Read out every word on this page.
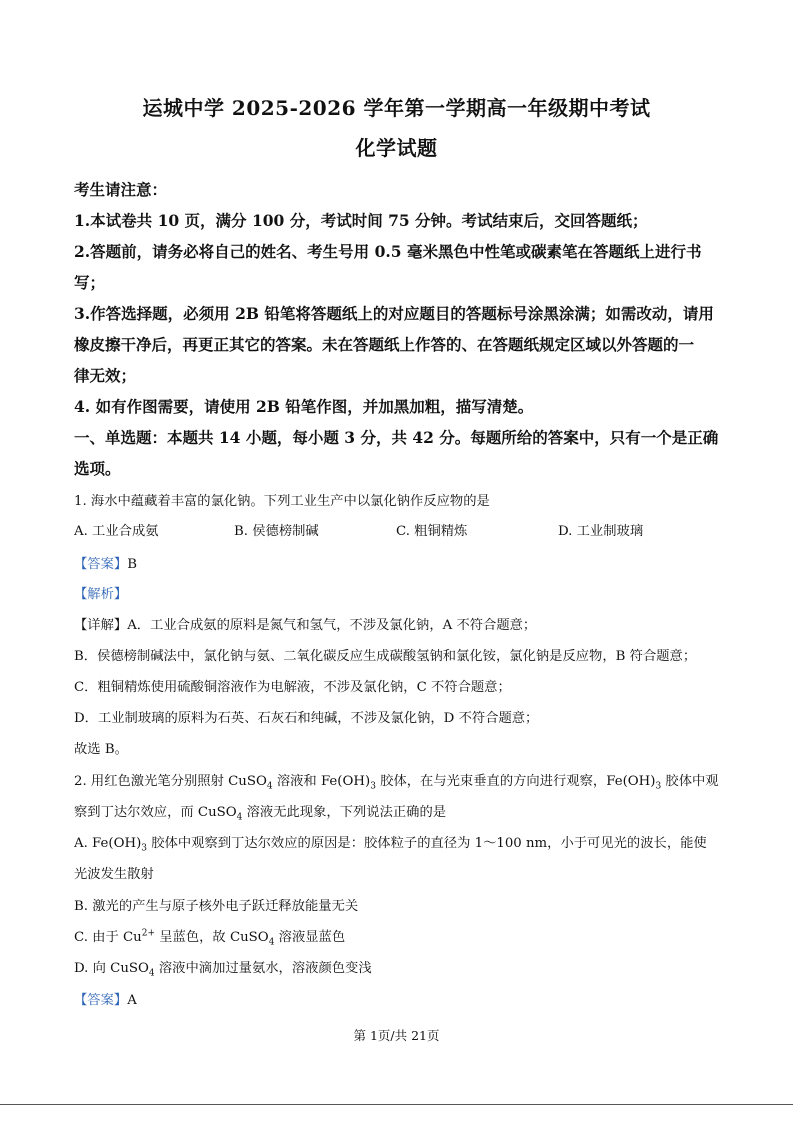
运城中学 2025-2026 学年第一学期高一年级期中考试
化学试题
考生请注意：
1.本试卷共 10 页，满分 100 分，考试时间 75 分钟。考试结束后，交回答题纸；
2.答题前，请务必将自己的姓名、考生号用 0.5 毫米黑色中性笔或碳素笔在答题纸上进行书
写；
3.作答选择题，必须用 2B 铅笔将答题纸上的对应题目的答题标号涂黑涂满；如需改动，请用
橡皮擦干净后，再更正其它的答案。未在答题纸上作答的、在答题纸规定区域以外答题的一
律无效；
4. 如有作图需要，请使用 2B 铅笔作图，并加黑加粗，描写清楚。
一、单选题：本题共 14 小题，每小题 3 分，共 42 分。每题所给的答案中，只有一个是正确
选项。
1. 海水中蕴藏着丰富的氯化钠。下列工业生产中以氯化钠作反应物的是
A. 工业合成氨	B. 侯德榜制碱	C. 粗铜精炼	D. 工业制玻璃
【答案】B
【解析】
【详解】A．工业合成氨的原料是氮气和氢气，不涉及氯化钠，A 不符合题意；
B．侯德榜制碱法中，氯化钠与氨、二氧化碳反应生成碳酸氢钠和氯化铵，氯化钠是反应物，B 符合题意；
C．粗铜精炼使用硫酸铜溶液作为电解液，不涉及氯化钠，C 不符合题意；
D．工业制玻璃的原料为石英、石灰石和纯碱，不涉及氯化钠，D 不符合题意；
故选 B。
2. 用红色激光笔分别照射 CuSO$_4$ 溶液和 $Fe(OH)_3$ 胶体，在与光束垂直的方向进行观察，$Fe(OH)_3$ 胶体中观
察到丁达尔效应，而 CuSO$_4$ 溶液无此现象，下列说法正确的是
A. $Fe(OH)_3$ 胶体中观察到丁达尔效应的原因是：胶体粒子的直径为 1～100 nm，小于可见光的波长，能使
光波发生散射
B. 激光的产生与原子核外电子跃迁释放能量无关
C. 由于 $Cu^{2+}$ 呈蓝色，故 CuSO$_4$ 溶液显蓝色
D. 向 CuSO$_4$ 溶液中滴加过量氨水，溶液颜色变浅
【答案】A
第 1页/共 21页
